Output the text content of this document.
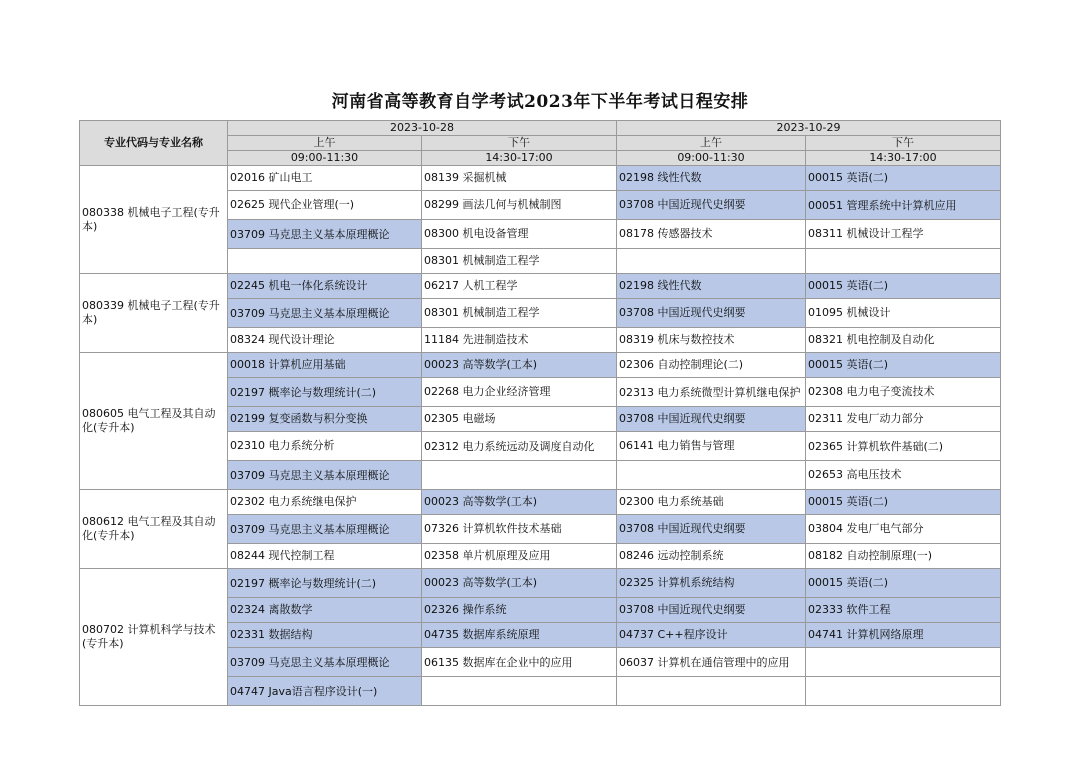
河南省高等教育自学考试2023年下半年考试日程安排
专业代码与专业名称	2023-10-28		2023-10-29	
	上午	下午	上午	下午
	09:00-11:30	14:30-17:00	09:00-11:30	14:30-17:00
080338 机械电子工程(专升本)	02016 矿山电工	08139 采掘机械	02198 线性代数	00015 英语(二)
	02625 现代企业管理(一)	08299 画法几何与机械制图	03708 中国近现代史纲要	00051 管理系统中计算机应用
	03709 马克思主义基本原理概论	08300 机电设备管理	08178 传感器技术	08311 机械设计工程学
		08301 机械制造工程学		
080339 机械电子工程(专升本)	02245 机电一体化系统设计	06217 人机工程学	02198 线性代数	00015 英语(二)
	03709 马克思主义基本原理概论	08301 机械制造工程学	03708 中国近现代史纲要	01095 机械设计
	08324 现代设计理论	11184 先进制造技术	08319 机床与数控技术	08321 机电控制及自动化
080605 电气工程及其自动化(专升本)	00018 计算机应用基础	00023 高等数学(工本)	02306 自动控制理论(二)	00015 英语(二)
	02197 概率论与数理统计(二)	02268 电力企业经济管理	02313 电力系统微型计算机继电保护	02308 电力电子变流技术
	02199 复变函数与积分变换	02305 电磁场	03708 中国近现代史纲要	02311 发电厂动力部分
	02310 电力系统分析	02312 电力系统远动及调度自动化	06141 电力销售与管理	02365 计算机软件基础(二)
	03709 马克思主义基本原理概论			02653 高电压技术
080612 电气工程及其自动化(专升本)	02302 电力系统继电保护	00023 高等数学(工本)	02300 电力系统基础	00015 英语(二)
	03709 马克思主义基本原理概论	07326 计算机软件技术基础	03708 中国近现代史纲要	03804 发电厂电气部分
	08244 现代控制工程	02358 单片机原理及应用	08246 远动控制系统	08182 自动控制原理(一)
080702 计算机科学与技术(专升本)	02197 概率论与数理统计(二)	00023 高等数学(工本)	02325 计算机系统结构	00015 英语(二)
	02324 离散数学	02326 操作系统	03708 中国近现代史纲要	02333 软件工程
	02331 数据结构	04735 数据库系统原理	04737 C++程序设计	04741 计算机网络原理
	03709 马克思主义基本原理概论	06135 数据库在企业中的应用	06037 计算机在通信管理中的应用	
	04747 Java语言程序设计(一)			
